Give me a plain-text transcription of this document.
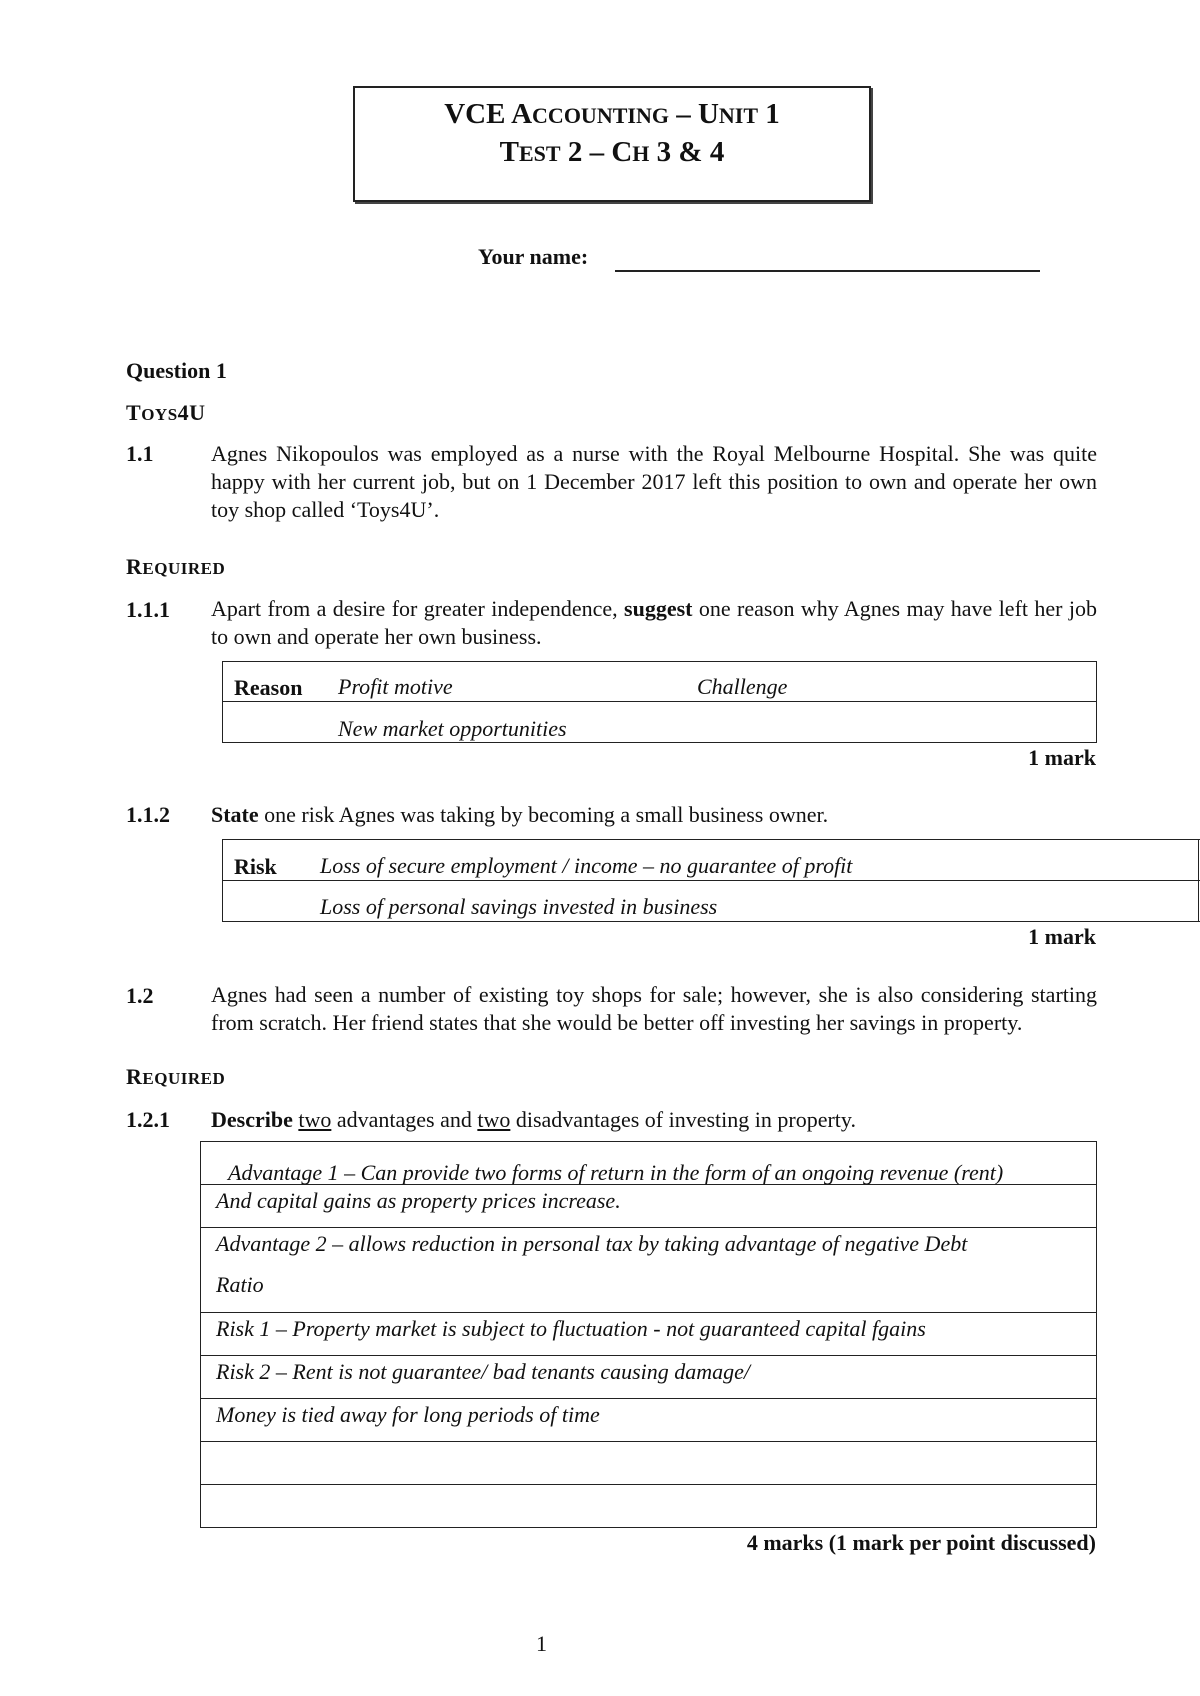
VCE ACCOUNTING – UNIT 1
TEST 2 – CH 3 & 4
Your name:
Question 1
TOYS4U
1.1	Agnes Nikopoulos was employed as a nurse with the Royal Melbourne Hospital. She was quite happy with her current job, but on 1 December 2017 left this position to own and operate her own toy shop called ‘Toys4U’.
REQUIRED
1.1.1 Apart from a desire for greater independence, suggest one reason why Agnes may have left her job to own and operate her own business.
Reason Profit motive	Challenge
New market opportunities
1 mark
1.1.2 State one risk Agnes was taking by becoming a small business owner.
Risk Loss of secure employment / income – no guarantee of profit
Loss of personal savings invested in business
1 mark
1.2	Agnes had seen a number of existing toy shops for sale; however, she is also considering starting from scratch. Her friend states that she would be better off investing her savings in property.
REQUIRED
1.2.1 Describe two advantages and two disadvantages of investing in property.
Advantage 1 – Can provide two forms of return in the form of an ongoing revenue (rent)
And capital gains as property prices increase.
Advantage 2 – allows reduction in personal tax by taking advantage of negative Debt
Ratio
Risk 1 – Property market is subject to fluctuation - not guaranteed capital fgains
Risk 2 – Rent is not guarantee/ bad tenants causing damage/
Money is tied away for long periods of time
4 marks (1 mark per point discussed)
1
